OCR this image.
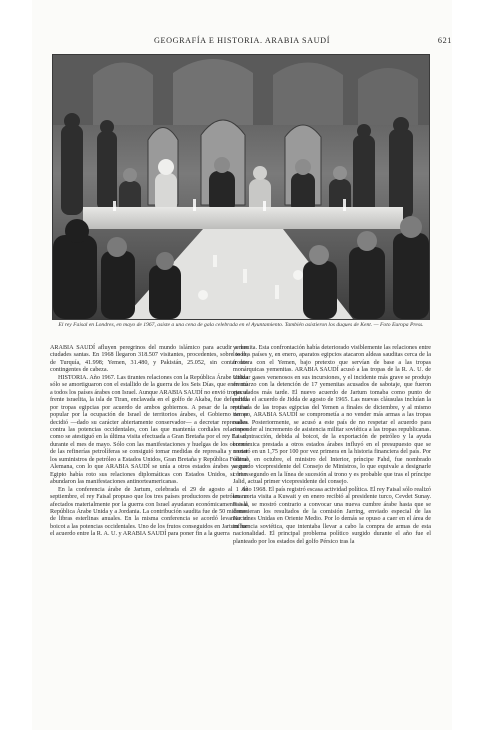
GEOGRAFÍA E HISTORIA. ARABIA SAUDÍ	621
El rey Faisal en Londres, en mayo de 1967, asiste a una cena de gala celebrada en el Ayuntamiento. También asistieron los duques de Kent. — Foto Europa Press.

ARABIA SAUDÍ afluyen peregrinos del mundo islámico para acudir a los ciudades santas. En 1968 llegaron 318.507 visitantes, procedentes, sobre todo, de Turquía, 41.998; Yemen, 31.480, y Pakistán, 25.052, sin contar los contingentes de cabeza.

HISTORIA. Año 1967. Las tirantes relaciones con la República Árabe Unida sólo se amortiguaron con el estallido de la guerra de los Seis Días, que enfrentó a todos los países árabes con Israel. Aunque ARABIA SAUDÍ no envió tropas al frente israelita, la isla de Tiran, enclavada en el golfo de Akaba, fue defendida por tropas egipcias por acuerdo de ambos gobiernos. A pesar de la repulsa popular por la ocupación de Israel de territorios árabes, el Gobierno no se decidió —dado su carácter abiertamente conservador— a decretar represalias contra las potencias occidentales, con las que mantenía cordiales relaciones como se atestiguó en la última visita efectuada a Gran Bretaña por el rey Faisal, durante el mes de mayo. Sólo con las manifestaciones y huelgas de los obreros de las refinerías petrolíferas se consiguió tomar medidas de represalia y cortar los suministros de petróleo a Estados Unidos, Gran Bretaña y República Federal Alemana, con lo que ARABIA SAUDÍ se unía a otros estados árabes ya que Egipto había roto sus relaciones diplomáticas con Estados Unidos, si bien abundaron las manifestaciones antinorteamericanas.

En la conferencia árabe de Jartum, celebrada el 29 de agosto al 1 de septiembre, el rey Faisal propuso que los tres países productores de petróleo no afectados materialmente por la guerra con Israel ayudaran económicamente a la República Árabe Unida y a Jordania. La contribución saudita fue de 50 millones de libras esterlinas anuales. En la misma conferencia se acordó levantar el boicot a las potencias occidentales. Uno de los frutos conseguidos en Jartum fue el acuerdo entre la R. A. U. y ARABIA SAUDÍ para poner fin a la guerra

yemenita. Esta confrontación había deteriorado visiblemente las relaciones entre los dos países y, en enero, aparatos egipcios atacaron aldeas sauditas cerca de la frontera con el Yemen, bajo pretexto que servían de base a las tropas monárquicas yemenitas. ARABIA SAUDÍ acusó a las tropas de la R. A. U. de utilizar gases venenosos en sus incursiones, y el incidente más grave se produjo en marzo con la detención de 17 yemenitas acusados de sabotaje, que fueron ejecutados más tarde. El nuevo acuerdo de Jartum tomaba como punto de partida el acuerdo de Jidda de agosto de 1965. Las nuevas cláusulas incluían la retirada de las tropas egipcias del Yemen a finales de diciembre, y al mismo tiempo, ARABIA SAUDÍ se comprometía a no vender más armas a las tropas reales. Posteriormente, se acusó a este país de no respetar el acuerdo para responder al incremento de asistencia militar soviética a las tropas republicanas. La contracción, debida al boicot, de la exportación de petróleo y la ayuda económica prestada a otros estados árabes influyó en el presupuesto que se recortó en un 1,75 por 100 por vez primera en la historia financiera del país. Por último, en octubre, el ministro del Interior, príncipe Fahd, fue nombrado segundo vicepresidente del Consejo de Ministros, lo que equivale a designarle como segundo en la línea de sucesión al trono y es probable que tras el príncipe Jalid, actual primer vicepresidente del consejo.

Año 1968. El país registró escasa actividad política. El rey Faisal sólo realizó una corta visita a Kuwait y en enero recibió al presidente turco, Cevdet Sunay. Faisal, se mostró contrario a convocar una nueva cumbre árabe hasta que se conocieran los resultados de la comisión Jarring, enviado especial de las Naciones Unidas en Oriente Medio. Por lo demás se opuso a caer en el área de influencia soviética, que intentaba llevar a cabo la compra de armas de esta nacionalidad. El principal problema político surgido durante el año fue el planteado por los estados del golfo Pérsico tras la
